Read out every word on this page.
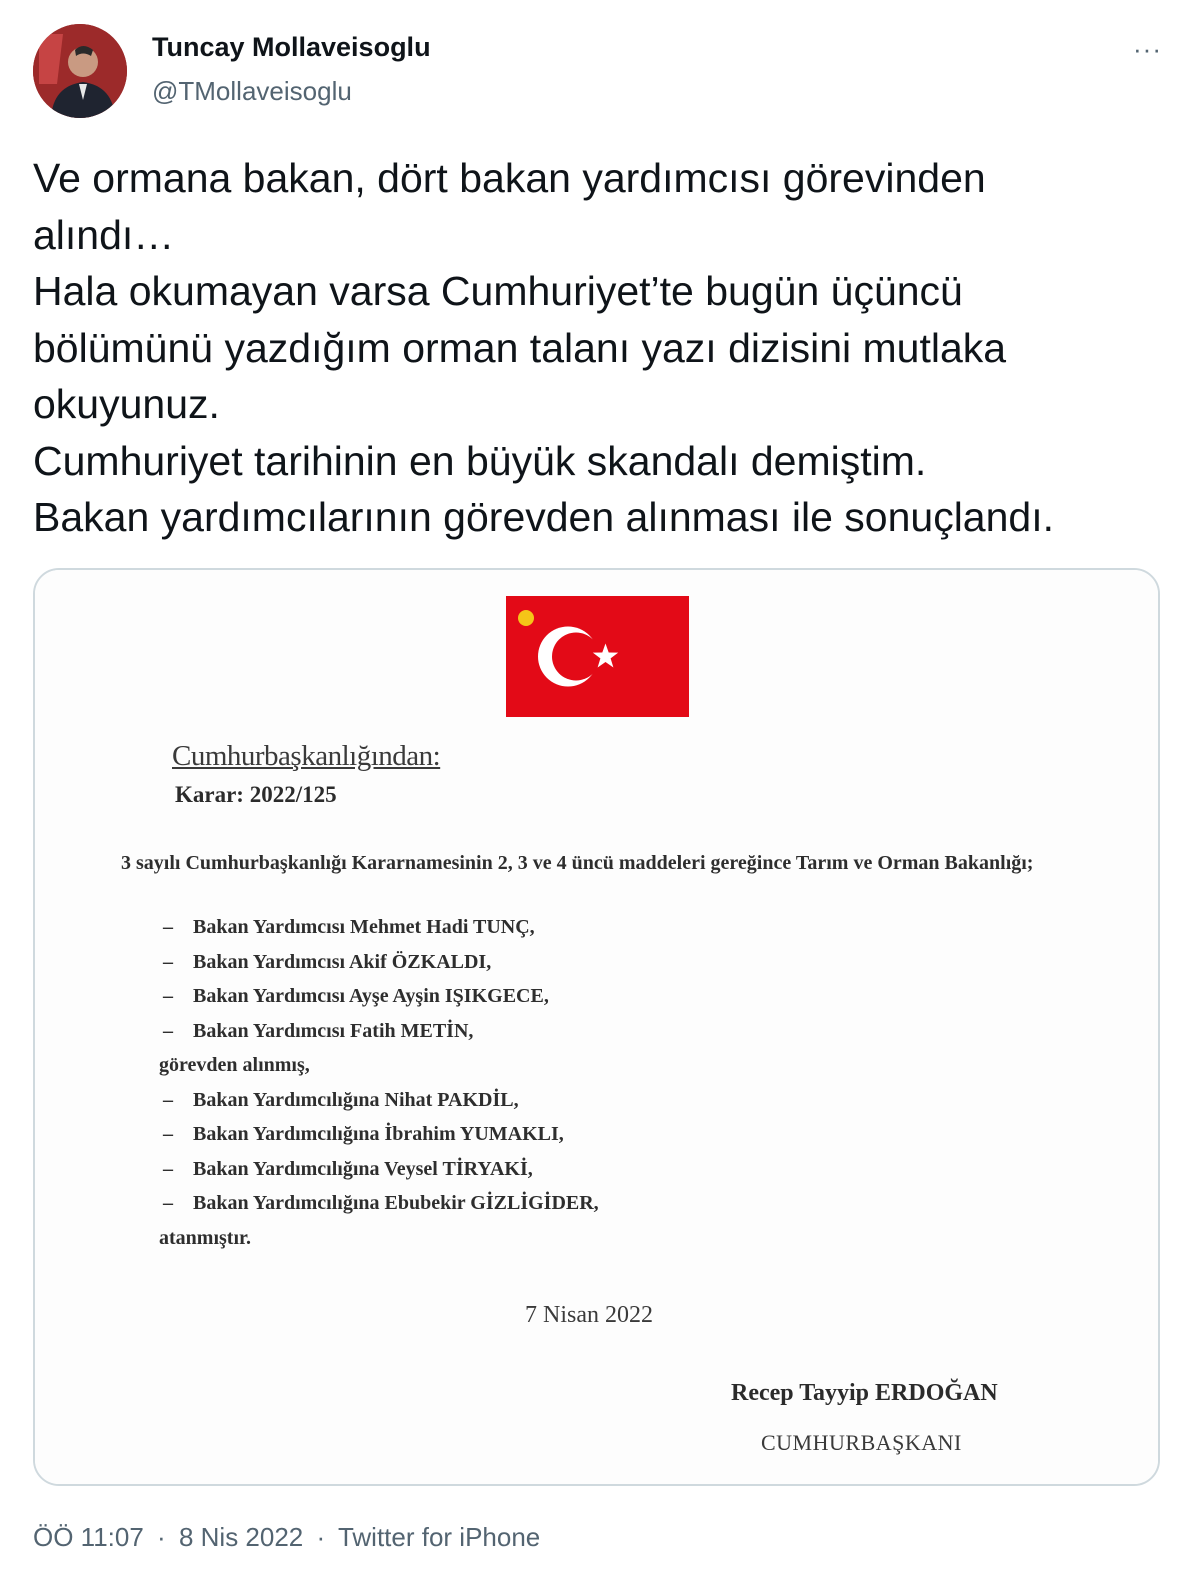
Tuncay Mollaveisoglu
@TMollaveisoglu
···
Ve ormana bakan, dört bakan yardımcısı görevinden
alındı…
Hala okumayan varsa Cumhuriyet’te bugün üçüncü
bölümünü yazdığım orman talanı yazı dizisini mutlaka
okuyunuz.
Cumhuriyet tarihinin en büyük skandalı demiştim.
Bakan yardımcılarının görevden alınması ile sonuçlandı.
Cumhurbaşkanlığından:
Karar: 2022/125
3 sayılı Cumhurbaşkanlığı Kararnamesinin 2, 3 ve 4 üncü maddeleri gereğince Tarım ve Orman Bakanlığı;
– Bakan Yardımcısı Mehmet Hadi TUNÇ,
– Bakan Yardımcısı Akif ÖZKALDI,
– Bakan Yardımcısı Ayşe Ayşin IŞIKGECE,
– Bakan Yardımcısı Fatih METİN,
görevden alınmış,
– Bakan Yardımcılığına Nihat PAKDİL,
– Bakan Yardımcılığına İbrahim YUMAKLI,
– Bakan Yardımcılığına Veysel TİRYAKİ,
– Bakan Yardımcılığına Ebubekir GİZLİGİDER,
atanmıştır.
7 Nisan 2022
Recep Tayyip ERDOĞAN
CUMHURBAŞKANI
ÖÖ 11:07 · 8 Nis 2022 · Twitter for iPhone
